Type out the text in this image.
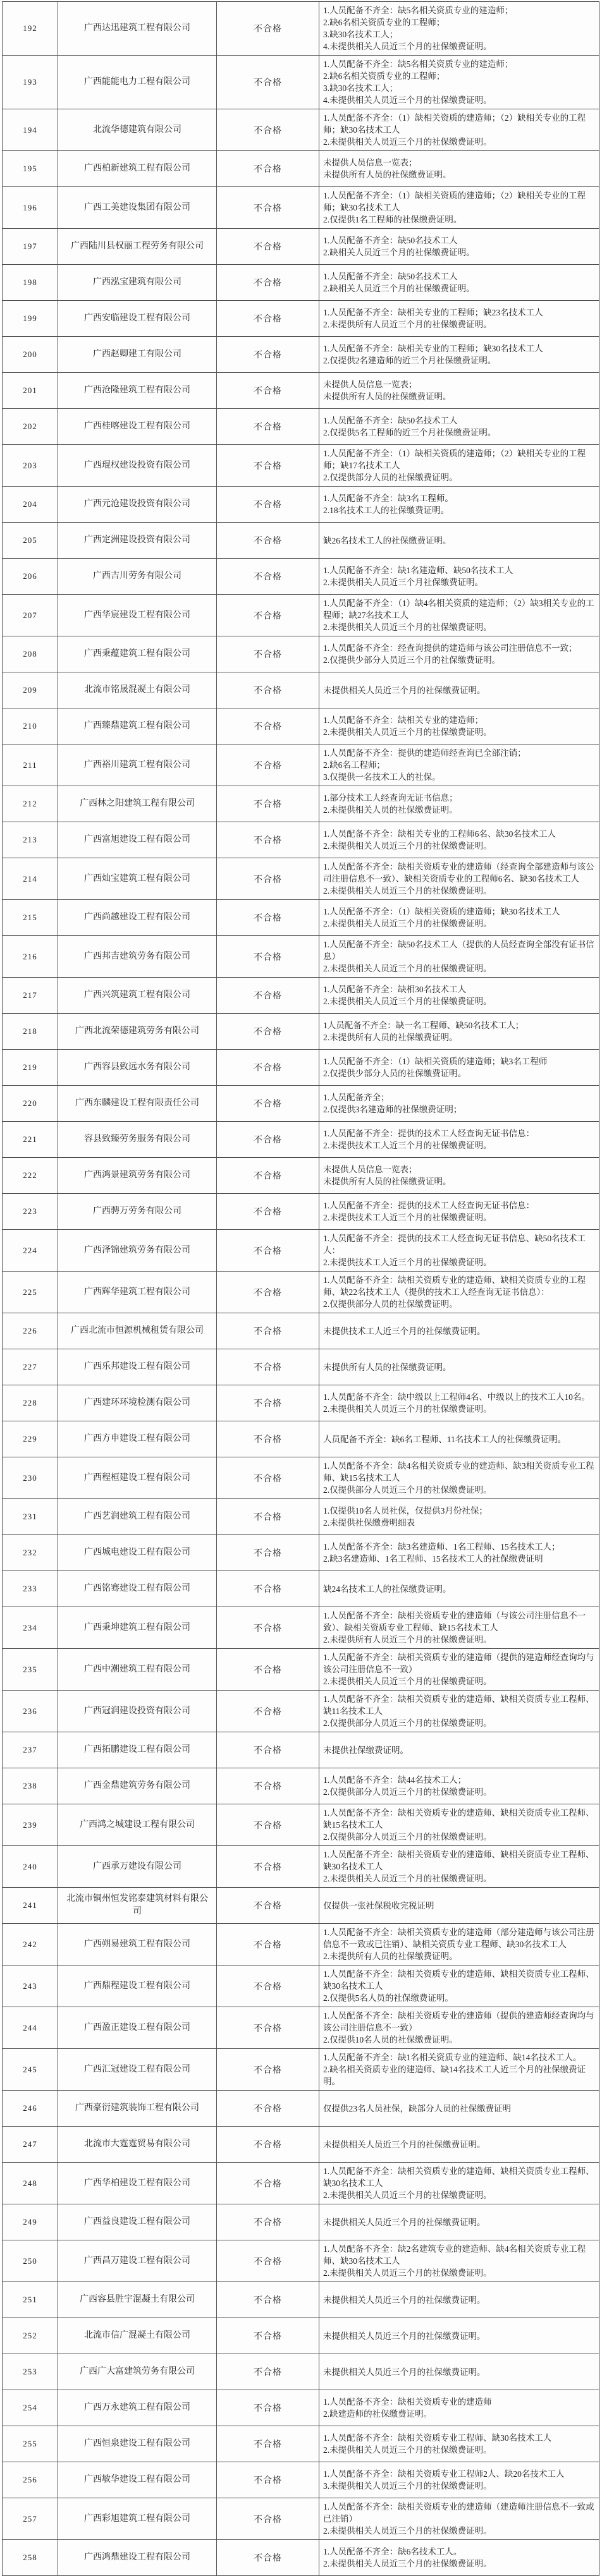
192	广西达迅建筑工程有限公司	不合格
1.人员配备不齐全：缺5名相关资质专业的建造师；
2.缺6名相关资质专业的工程师；
3.缺30名技术工人；
4.未提供相关人员近三个月的社保缴费证明。
193	广西能能电力工程有限公司	不合格
1.人员配备不齐全：缺5名相关资质专业的建造师；
2.缺6名相关资质专业的工程师；
3.缺30名技术工人；
4.未提供相关人员近三个月的社保缴费证明。
194	北流华德建筑有限公司	不合格
1.人员配备不齐全：（1）缺相关资质的建造师；（2）缺相关专业的工程师；缺30名技术工人
2.未提供相关人员近三个月的社保缴费证明。
195	广西柏新建筑工程有限公司	不合格
未提供人员信息一览表；
未提供所有人员的社保缴费证明。
196	广西工美建设集团有限公司	不合格
1.人员配备不齐全：（1）缺相关资质的建造师；（2）缺相关专业的工程师；缺30名技术工人
2.仅提供1名工程师的社保缴费证明。
197	广西陆川县权丽工程劳务有限公司	不合格
1.人员配备不齐全：缺50名技术工人
2.缺相关人员近三个月的社保缴费证明。
198	广西泓宝建筑有限公司	不合格
1.人员配备不齐全：缺50名技术工人
2.缺相关人员近三个月的社保缴费证明。
199	广西安临建设工程有限公司	不合格
1.人员配备不齐全：缺相关专业的工程师；缺23名技术工人
2.未提供所有人员近三个月的社保缴费证明。
200	广西赵卿建工有限公司	不合格
1.人员配备不齐全：缺相关专业的工程师；缺30名技术工人
2.仅提供2名建造师的近三个月社保缴费证明。
201	广西沧隆建筑工程有限公司	不合格
未提供人员信息一览表；
未提供所有人员的社保缴费证明。
202	广西桂喀建设工程有限公司	不合格
1.人员配备不齐全：缺50名技术工人
2.仅提供5名工程师的近三个月社保缴费证明。
203	广西琨权建设投资有限公司	不合格
1.人员配备不齐全：（1）缺相关资质的建造师；（2）缺相关专业的工程师；缺17名技术工人
2.仅提供部分人员的社保缴费证明。
204	广西元沧建设投资有限公司	不合格
1.人员配备不齐全：缺3名工程师。
2.18名技术工人的社保缴费证明。
205	广西定洲建设投资有限公司	不合格	缺26名技术工人的社保缴费证明。
206	广西吉川劳务有限公司	不合格
1.人员配备不齐全：缺1名建造师、缺50名技术工人
2.未提供相关人员近三个月社保缴费证明。
207	广西华宸建设工程有限公司	不合格
1.人员配备不齐全：（1）缺4名相关资质的建造师；（2）缺3相关专业的工程师；缺27名技术工人
2.未提供相关人员近三个月的社保缴费证明。
208	广西秉蕴建筑工程有限公司	不合格
1.人员配备不齐全：经查询提供的建造师与该公司注册信息不一致；
2.仅提供少部分人员近三个月的社保缴费证明。
209	北流市铭晟混凝土有限公司	不合格	未提供相关人员近三个月的社保缴费证明。
210	广西臻鼎建筑工程有限公司	不合格
1.人员配备不齐全：缺相关专业的建造师；
2.未提供相关人员近三个月的社保缴费证明。
211	广西裕川建筑工程有限公司	不合格
1.人员配备不齐全：提供的建造师经查询已全部注销；
2.缺6名工程师；
3.仅提供一名技术工人的社保。
212	广西林之阳建筑工程有限公司	不合格
1.部分技术工人经查询无证书信息；
2.未提供相关人员的社保缴费证明。
213	广西富旭建设工程有限公司	不合格
1.人员配备不齐全：缺相关专业的工程师6名、缺30名技术工人
2.未提供相关人员近三个月的社保缴费证明。
214	广西灿宝建筑工程有限公司	不合格
1.人员配备不齐全：缺相关资质专业的建造师（经查询全部建造师与该公司注册信息不一致）、缺相关资质专业的工程师6名、缺30名技术工人
2.未提供相关人员近三个月的社保缴费证明。
215	广西尚越建设工程有限公司	不合格
1.人员配备不齐全：（1）缺相关资质的建造师；缺30名技术工人
2.未提供相关人员近三个月的社保缴费证明。
216	广西邦吉建筑劳务有限公司	不合格
1.人员配备不齐全：缺50名技术工人（提供的人员经查询全部没有证书信息）
2.未提供相关人员近三个月的社保缴费证明。
217	广西兴筑建筑工程有限公司	不合格
1.人员配备不齐全：缺相30名技术工人
2.未提供相关人员近三个月的社保缴费证明。
218	广西北流荣德建筑劳务有限公司	不合格
1人员配备不齐全：缺一名工程师、缺50名技术工人；
2.未提供所有人员的社保缴费证明。
219	广西容县致远水务有限公司	不合格
1.人员配备不齐全：（1）缺相关资质的建造师；缺3名工程师
2.仅提供少部分人员的社保缴费证明。
220	广西东麟建设工程有限责任公司	不合格
1.人员配备齐全；
2.仅提供3名建造师的社保缴费证明；
221	容县致臻劳务服务有限公司	不合格
1.人员配备不齐全：提供的技术工人经查询无证书信息：
2.未提供技术工人近三个月的社保缴费证明。
222	广西鸿景建筑劳务有限公司	不合格
未提供人员信息一览表；
未提供所有人员的社保缴费证明。
223	广西骋万劳务有限公司	不合格
1.人员配备不齐全：提供的技术工人经查询无证书信息：
2.未提供技术工人近三个月的社保缴费证明。
224	广西泽锦建筑劳务有限公司	不合格
1.人员配备不齐全：提供的技术工人经查询无证书信息、缺50名技术工人：
2.未提供技术工人近三个月的社保缴费证明。
225	广西辉华建筑工程有限公司	不合格
1.人员配备不齐全：缺相关资质专业的建造师、缺相关资质专业的工程师、缺22名技术工人（提供的技术工人经查询无证书信息）：
2.仅提供部分人员的社保缴费证明。
226	广西北流市恒源机械租赁有限公司	不合格	未提供技术工人近三个月的社保缴费证明。
227	广西乐邦建设工程有限公司	不合格	未提供所有人员的社保缴费证明。
228	广西建环环境检测有限公司	不合格
1.人员配备不齐全：缺中级以上工程师4名、中级以上的技术工人10名。
2.未提供相关人员近三个月的社保缴费证明。
229	广西方申建设工程有限公司	不合格	人员配备不齐全：缺6名工程师、11名技术工人的社保缴费证明。
230	广西程桓建设工程有限公司	不合格
1.人员配备不齐全：缺4名相关资质专业的建造师、缺3相关资质专业工程师、缺15名技术工人
2.仅提供部分人员近三个月的社保缴费证明。
231	广西艺润建筑工程有限公司	不合格
1.仅提供10名人员社保，仅提供3月份社保；
2.未提供社保缴费明细表
232	广西城电建设工程有限公司	不合格
1.人员配备不齐全：缺3名建造师、1名工程师、15名技术工人；
2.缺3名建造师、1名工程师、15名技术工人的社保缴费证明
233	广西铭骞建设工程有限公司	不合格	缺24名技术工人的社保缴费证明。
234	广西秉坤建筑工程有限公司	不合格
1.人员配备不齐全：缺相关资质专业的建造师（与该公司注册信息不一致）、缺相关资质专业工程师、缺15名技术工人
2.未提供所有人员近三个月的社保缴费证明。
235	广西中潮建筑工程有限公司	不合格
1.人员配备不齐全：缺相关资质专业的建造师（提供的建造师经查询均与该公司注册信息不一致）
2.未提供相关人员近三个月的社保缴费证明。
236	广西冠润建设投资有限公司	不合格
1.人员配备不齐全：缺相关资质专业的建造师、缺相关资质专业工程师、缺11名技术工人
2.仅提供部分人员近三个月的社保缴费证明。
237	广西拓鹏建设工程有限公司	不合格	未提供社保缴费证明。
238	广西金鼎建筑劳务有限公司	不合格
1.人员配备不齐全：缺44名技术工人；
2.仅提供部分人员近三个月的社保缴费证明。
239	广西鸿之城建设工程有限公司	不合格
1.人员配备不齐全：缺相关资质专业的建造师、缺相关资质专业工程师、缺15名技术工人
2.仅提供部分人员近三个月的社保缴费证明。
240	广西承万建设有限公司	不合格
1.人员配备不齐全：缺相关资质专业的建造师、缺相关资质专业工程师、缺30名技术工人
2.未提供相关人员近三个月的社保缴费证明。
241
北流市铜州恒发铭泰建筑材料有限公司
不合格	仅提供一张社保税收完税证明
242	广西朔易建筑工程有限公司	不合格
1.人员配备不齐全：缺相关资质专业的建造师（部分建造师与该公司注册信息不一致或已注销）、缺相关资质专业工程师、缺30名技术工人
2.未提供所有人员的社保缴费证明。
243	广西鼎程建设工程有限公司	不合格
1.人员配备不齐全：缺相关资质专业的建造师、缺相关资质专业工程师、缺30名技术工人
2.仅提供5名人员的社保缴费证明。
244	广西盈正建设工程有限公司	不合格
1.人员配备不齐全：缺相关资质专业的建造师（提供的建造师经查询均与该公司注册信息不一致）
2.仅提供10名人员的社保缴费证明。
245	广西汇冠建设工程有限公司	不合格
1.人员配备不齐全：缺1名相关资质专业的建造师、缺14名技术工人。
2.缺名相关资质专业的建造师、缺14名技术工人近三个月的社保缴费证明。
246	广西豪衍建筑装饰工程有限公司	不合格	仅提供23名人员社保，缺部分人员的社保缴费证明
247	北流市大霆霆贸易有限公司	不合格	未提供相关人员近三个月的社保缴费证明。
248	广西华柏建设工程有限公司	不合格
1.人员配备不齐全：缺相关资质专业的建造师、缺相关资质专业工程师、缺30名技术工人
2.未提供相关人员近三个月的社保缴费证明。
249	广西益良建设工程有限公司	不合格	未提供相关人员近三个月的社保缴费证明。
250	广西昌万建设工程有限公司	不合格
1.人员配备不齐全：缺2名建筑专业的建造师、缺4名相关资质专业工程师、缺30名技术工人
2.未提供相关人员近三个月的社保缴费证明。
251	广西容县胜宇混凝土有限公司	不合格	未提供相关人员近三个月的社保缴费证明。
252	北流市信广混凝土有限公司	不合格	未提供相关人员近三个月的社保缴费证明。
253	广西广大富建筑劳务有限公司	不合格	未提供相关人员近三个月的社保缴费证明。
254	广西万永建筑工程有限公司	不合格
1.人员配备不齐全：缺相关资质专业的建造师
2.缺建造师的社保缴费证明。
255	广西恒泉建设工程有限公司	不合格
1.人员配备不齐全：缺相关资质专业工程师、缺30名技术工人
2.未提供相关人员近三个月的社保缴费证明。
256	广西敏华建设工程有限公司	不合格
1.人员配备不齐全：缺相关资质专业工程师2人、缺20名技术工人
3.未提供相关人员近三个月的社保缴费证明。
257	广西彩旭建筑工程有限公司	不合格
1.人员配备不齐全：缺相关资质专业的建造师（建造师注册信息不一致或已注销）
2.未提供相关人员近三个月的社保缴费证明。
258	广西鸿鼎建设工程有限公司	不合格
1.人员配备不齐全：缺6名技术工人。
2.未提供相关人员近三个月的社保缴费证明。
